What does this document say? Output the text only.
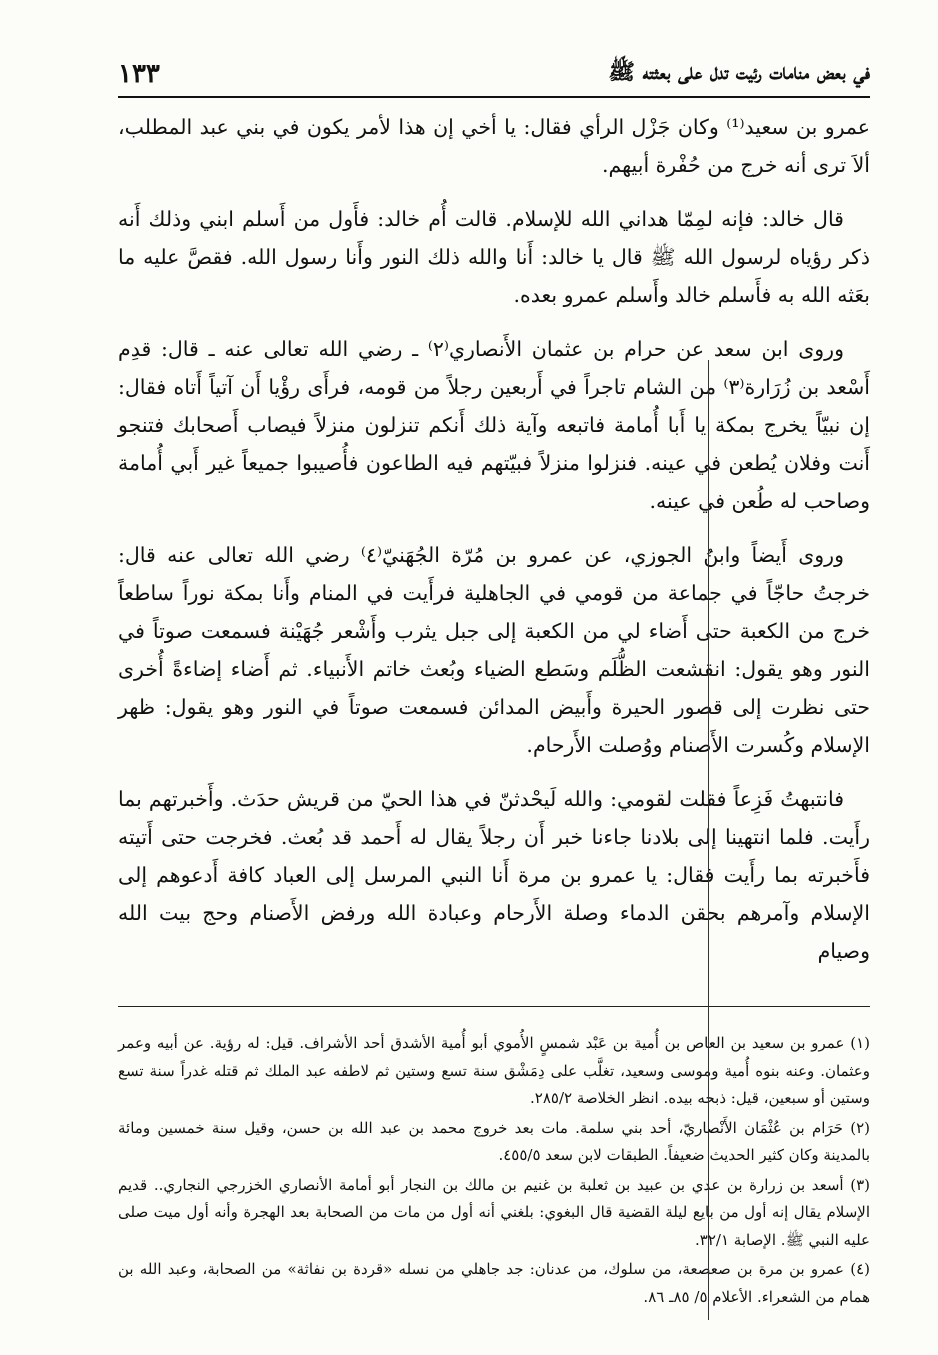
في بعض منامات رئيت تدل على بعثته ﷺ
١٣٣

عمرو بن سعيد⁽¹⁾ وكان جَزْل الرأي فقال: يا أخي إن هذا لأمر يكون في بني عبد المطلب، ألاَ ترى أنه خرج من حُفْرة أبيهم.

قال خالد: فإنه لمِمّا هداني الله للإسلام. قالت أُم خالد: فأَول من أَسلم ابني وذلك أَنه ذكر رؤياه لرسول الله ﷺ قال يا خالد: أَنا والله ذلك النور وأَنا رسول الله. فقصَّ عليه ما بعَثه الله به فأَسلم خالد وأَسلم عمرو بعده.

وروى ابن سعد عن حرام بن عثمان الأَنصاري⁽٢⁾ ـ رضي الله تعالى عنه ـ قال: قدِم أَسْعد بن زُرَارة⁽٣⁾ من الشام تاجراً في أَربعين رجلاً من قومه، فرأَى رؤْيا أَن آتياً أَتاه فقال: إن نبيّاً يخرج بمكة يا أَبا أُمامة فاتبعه وآية ذلك أَنكم تنزلون منزلاً فيصاب أَصحابك فتنجو أَنت وفلان يُطعن في عينه. فنزلوا منزلاً فبيّتهم فيه الطاعون فأُصيبوا جميعاً غير أَبي أُمامة وصاحب له طُعن في عينه.

وروى أَيضاً وابنُ الجوزي، عن عمرو بن مُرّة الجُهَنيّ⁽٤⁾ رضي الله تعالى عنه قال: خرجتُ حاجّاً في جماعة من قومي في الجاهلية فرأَيت في المنام وأَنا بمكة نوراً ساطعاً خرج من الكعبة حتى أَضاء لي من الكعبة إلى جبل يثرب وأَشْعر جُهَيْنة فسمعت صوتاً في النور وهو يقول: انقشعت الظُّلَم وسَطع الضياء وبُعث خاتم الأَنبياء. ثم أَضاء إضاءةً أُخرى حتى نظرت إلى قصور الحيرة وأَبيض المدائن فسمعت صوتاً في النور وهو يقول: ظهر الإسلام وكُسرت الأَصنام ووُصلت الأَرحام.

فانتبهتُ فَزِعاً فقلت لقومي: والله لَيحْدثنّ في هذا الحيّ من قريش حدَث. وأَخبرتهم بما رأَيت. فلما انتهينا إلى بلادنا جاءنا خبر أَن رجلاً يقال له أَحمد قد بُعث. فخرجت حتى أَتيته فأَخبرته بما رأَيت فقال: يا عمرو بن مرة أَنا النبي المرسل إلى العباد كافة أَدعوهم إلى الإسلام وآمرهم بحقن الدماء وصلة الأَرحام وعبادة الله ورفض الأَصنام وحج بيت الله وصيام

(١) عمرو بن سعيد بن العاص بن أُمية بن عَبْد شمسٍ الأُموي أبو أُمية الأشدق أحد الأشراف. قيل: له رؤية. عن أبيه وعمر وعثمان. وعنه بنوه أُمية وموسى وسعيد، تغلَّب على دِمَشْق سنة تسع وستين ثم لاطفه عبد الملك ثم قتله غدراً سنة تسع وستين أو سبعين، قيل: ذبحه بيده. انظر الخلاصة ٢٨٥/٢.

(٢) حَرَام بن عُثْمَان الأَنْصاريّ، أحد بني سلمة. مات بعد خروج محمد بن عبد الله بن حسن، وقيل سنة خمسين ومائة بالمدينة وكان كثير الحديث ضعيفاً. الطبقات لابن سعد ٤٥٥/٥.

(٣) أسعد بن زرارة بن عدي بن عبيد بن ثعلبة بن غنيم بن مالك بن النجار أبو أمامة الأنصاري الخزرجي النجاري.. قديم الإسلام يقال إنه أول من بايع ليلة القضية قال البغوي: بلغني أنه أول من مات من الصحابة بعد الهجرة وأنه أول ميت صلى عليه النبي ﷺ. الإصابة ٣٢/١.

(٤) عمرو بن مرة بن صعصعة، من سلوك، من عدنان: جد جاهلي من نسله «قردة بن نفاثة» من الصحابة، وعبد الله بن همام من الشعراء. الأعلام ٥/ ٨٥ـ ٨٦.
